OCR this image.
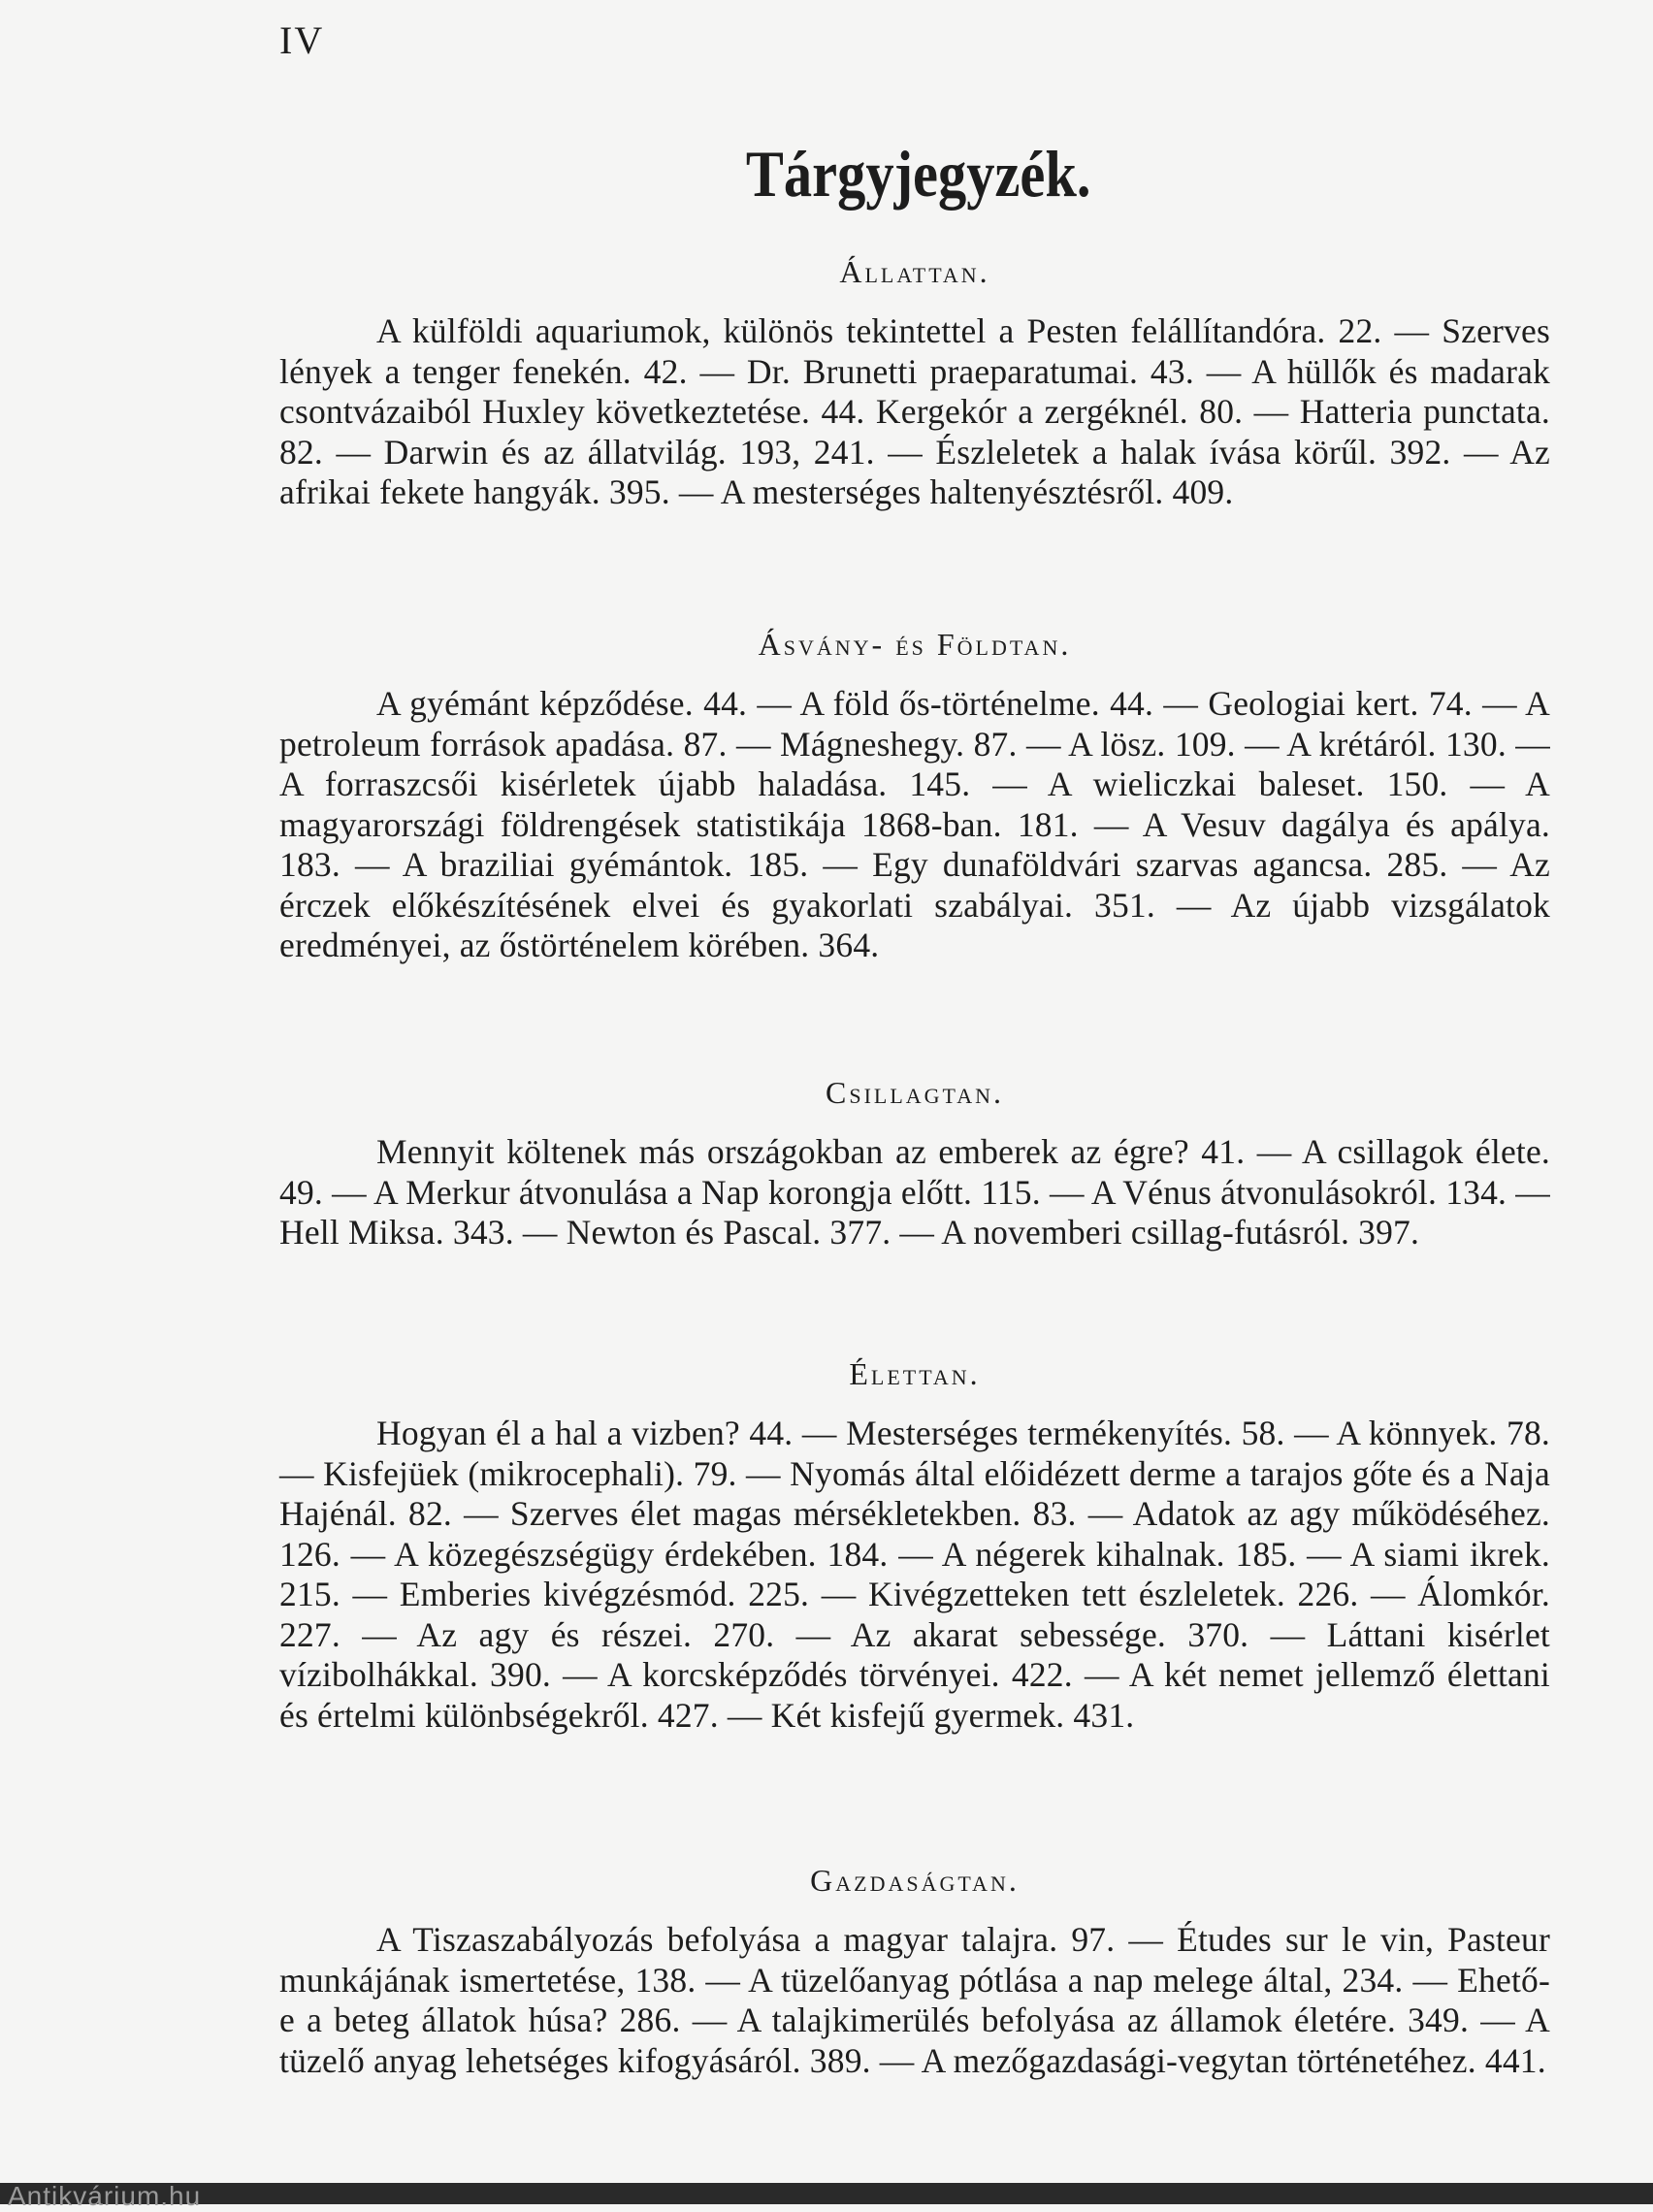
IV
Tárgyjegyzék.
Állattan.
A külföldi aquariumok, különös tekintettel a Pesten felállítandóra. 22. — Szerves lények a tenger fenekén. 42. — Dr. Brunetti praeparatumai. 43. — A hüllők és madarak csontvázaiból Huxley következtetése. 44. Kergekór a zergéknél. 80. — Hatteria punctata. 82. — Darwin és az állatvilág. 193, 241. — Észleletek a halak ívása körűl. 392. — Az afrikai fekete hangyák. 395. — A mesterséges haltenyésztésről. 409.
Ásvány- és Földtan.
A gyémánt képződése. 44. — A föld ős-történelme. 44. — Geologiai kert. 74. — A petroleum források apadása. 87. — Mágneshegy. 87. — A lösz. 109. — A krétáról. 130. — A forraszcsői kisérletek újabb haladása. 145. — A wieliczkai baleset. 150. — A magyarországi földrengések statistikája 1868-ban. 181. — A Vesuv dagálya és apálya. 183. — A braziliai gyémántok. 185. — Egy dunaföldvári szarvas agancsa. 285. — Az érczek előkészítésének elvei és gyakorlati szabályai. 351. — Az újabb vizsgálatok eredményei, az őstörténelem körében. 364.
Csillagtan.
Mennyit költenek más országokban az emberek az égre? 41. — A csillagok élete. 49. — A Merkur átvonulása a Nap korongja előtt. 115. — A Vénus átvonulásokról. 134. — Hell Miksa. 343. — Newton és Pascal. 377. — A novemberi csillag-futásról. 397.
Élettan.
Hogyan él a hal a vizben? 44. — Mesterséges termékenyítés. 58. — A könnyek. 78. — Kisfejüek (mikrocephali). 79. — Nyomás által előidézett derme a tarajos gőte és a Naja Hajénál. 82. — Szerves élet magas mérsékletekben. 83. — Adatok az agy működéséhez. 126. — A közegészségügy érdekében. 184. — A négerek kihalnak. 185. — A siami ikrek. 215. — Emberies kivégzésmód. 225. — Kivégzetteken tett észleletek. 226. — Álomkór. 227. — Az agy és részei. 270. — Az akarat sebessége. 370. — Láttani kisérlet vízibolhákkal. 390. — A korcsképződés törvényei. 422. — A két nemet jellemző élettani és értelmi különbségekről. 427. — Két kisfejű gyermek. 431.
Gazdaságtan.
A Tiszaszabályozás befolyása a magyar talajra. 97. — Études sur le vin, Pasteur munkájának ismertetése, 138. — A tüzelőanyag pótlása a nap melege által, 234. — Ehető-e a beteg állatok húsa? 286. — A talajkimerülés befolyása az államok életére. 349. — A tüzelő anyag lehetséges kifogyásáról. 389. — A mezőgazdasági-vegytan történetéhez. 441.
Antikvárium.hu
